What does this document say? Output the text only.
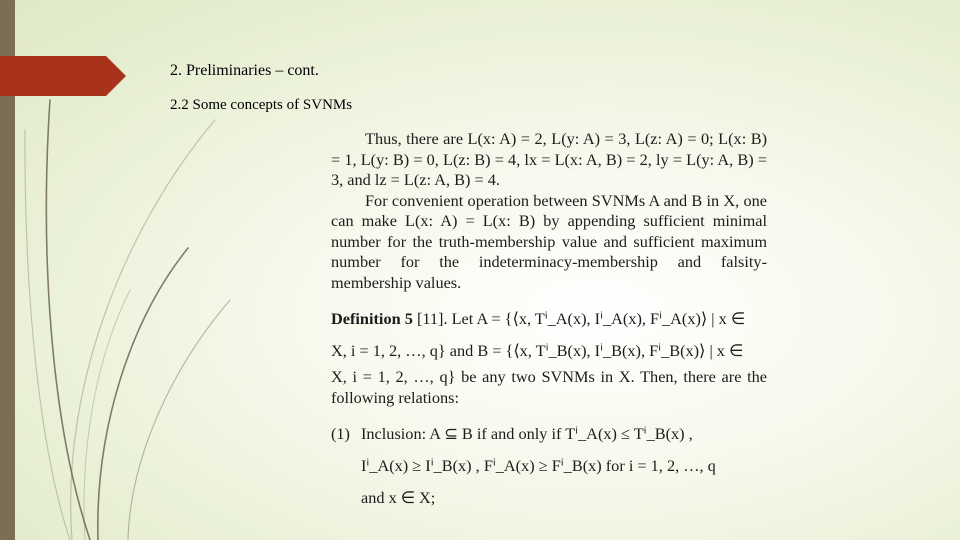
2. Preliminaries – cont.
2.2 Some concepts of SVNMs

Thus, there are L(x: A) = 2, L(y: A) = 3, L(z: A) = 0; L(x: B) = 1, L(y: B) = 0, L(z: B) = 4, lx = L(x: A, B) = 2, ly = L(y: A, B) = 3, and lz = L(z: A, B) = 4.

For convenient operation between SVNMs A and B in X, one can make L(x: A) = L(x: B) by appending sufficient minimal number for the truth-membership value and sufficient maximum number for the indeterminacy-membership and falsity-membership values.

Definition 5 [11]. Let A = {⟨x, Tⁱ_A(x), Iⁱ_A(x), Fⁱ_A(x)⟩ | x ∈

X, i = 1, 2, …, q} and B = {⟨x, Tⁱ_B(x), Iⁱ_B(x), Fⁱ_B(x)⟩ | x ∈

X, i = 1, 2, …, q} be any two SVNMs in X. Then, there are the following relations:

(1) Inclusion: A ⊆ B if and only if Tⁱ_A(x) ≤ Tⁱ_B(x) ,
Iⁱ_A(x) ≥ Iⁱ_B(x) , Fⁱ_A(x) ≥ Fⁱ_B(x) for i = 1, 2, …, q
and x ∈ X;
